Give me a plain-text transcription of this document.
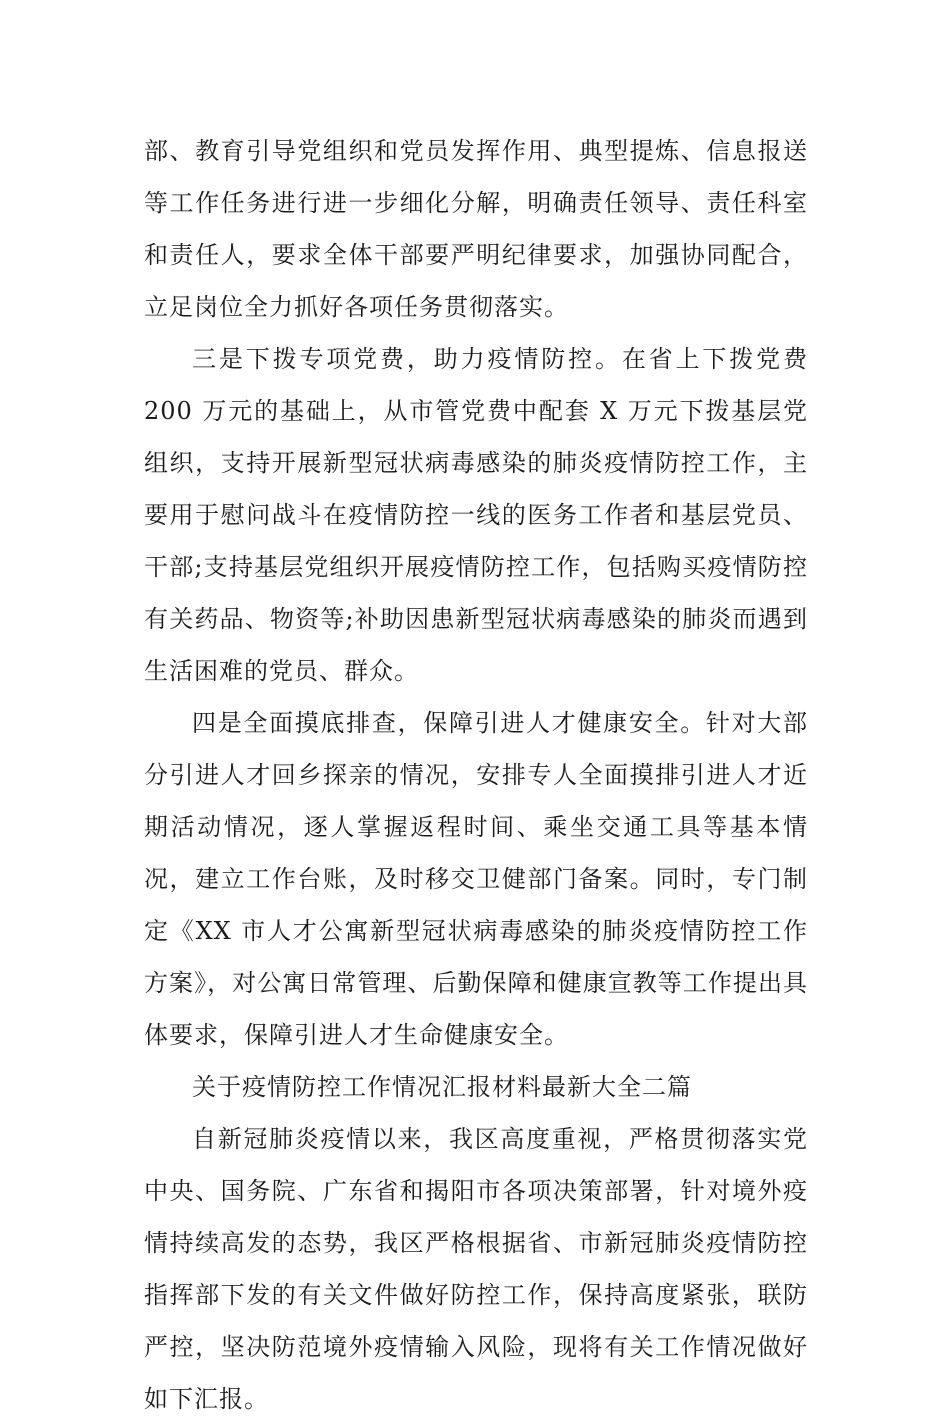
部、教育引导党组织和党员发挥作用、典型提炼、信息报送等工作任务进行进一步细化分解，明确责任领导、责任科室和责任人，要求全体干部要严明纪律要求，加强协同配合，立足岗位全力抓好各项任务贯彻落实。

三是下拨专项党费，助力疫情防控。在省上下拨党费 200 万元的基础上，从市管党费中配套 X 万元下拨基层党组织，支持开展新型冠状病毒感染的肺炎疫情防控工作，主要用于慰问战斗在疫情防控一线的医务工作者和基层党员、干部;支持基层党组织开展疫情防控工作，包括购买疫情防控有关药品、物资等;补助因患新型冠状病毒感染的肺炎而遇到生活困难的党员、群众。

四是全面摸底排查，保障引进人才健康安全。针对大部分引进人才回乡探亲的情况，安排专人全面摸排引进人才近期活动情况，逐人掌握返程时间、乘坐交通工具等基本情况，建立工作台账，及时移交卫健部门备案。同时，专门制定《XX 市人才公寓新型冠状病毒感染的肺炎疫情防控工作方案》，对公寓日常管理、后勤保障和健康宣教等工作提出具体要求，保障引进人才生命健康安全。

关于疫情防控工作情况汇报材料最新大全二篇

自新冠肺炎疫情以来，我区高度重视，严格贯彻落实党中央、国务院、广东省和揭阳市各项决策部署，针对境外疫情持续高发的态势，我区严格根据省、市新冠肺炎疫情防控指挥部下发的有关文件做好防控工作，保持高度紧张，联防严控，坚决防范境外疫情输入风险，现将有关工作情况做好如下汇报。
